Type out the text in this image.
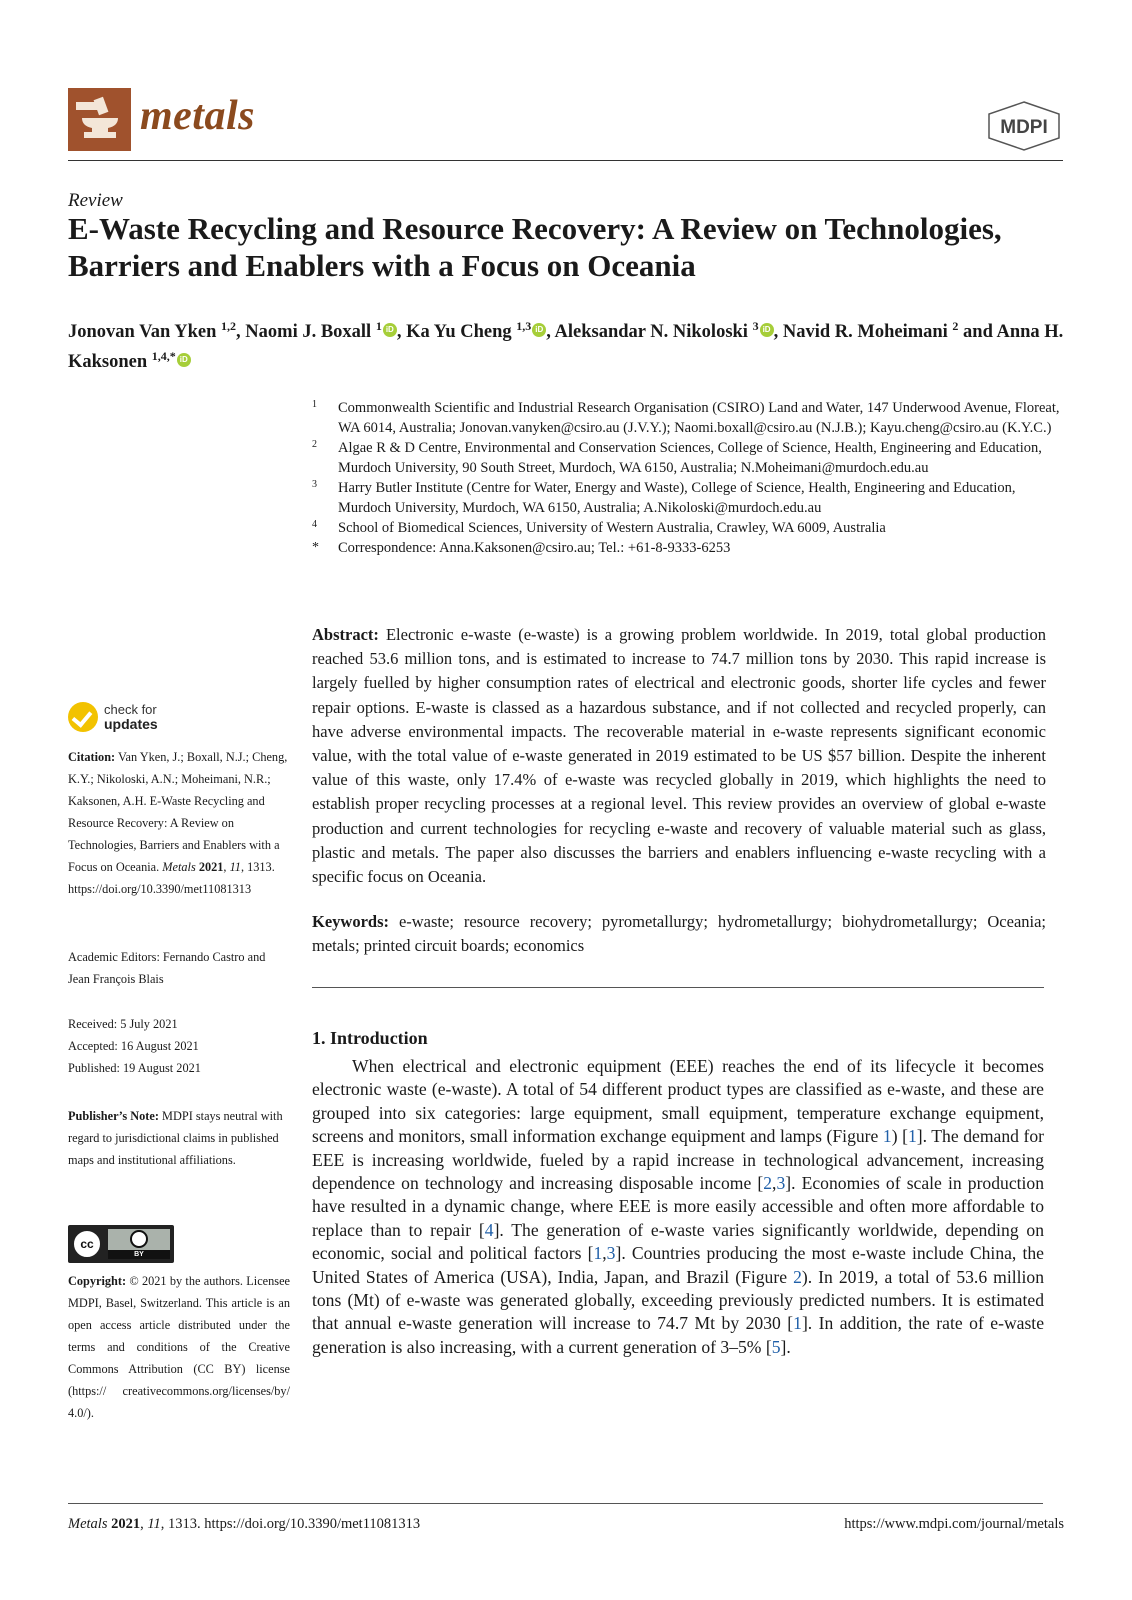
metals	MDPI
Review
E-Waste Recycling and Resource Recovery: A Review on Technologies, Barriers and Enablers with a Focus on Oceania
Jonovan Van Yken $^{1,2}$, Naomi J. Boxall $^1$ iD , Ka Yu Cheng $^{1,3}$ iD , Aleksandar N. Nikoloski $^3$ iD , Navid R. Moheimani $^2$ and Anna H. Kaksonen $^{1,4,*}$ iD

1 Commonwealth Scientific and Industrial Research Organisation (CSIRO) Land and Water, 147 Underwood Avenue, Floreat, WA 6014, Australia; Jonovan.vanyken@csiro.au (J.V.Y.); Naomi.boxall@csiro.au (N.J.B.); Kayu.cheng@csiro.au (K.Y.C.)

2 Algae R & D Centre, Environmental and Conservation Sciences, College of Science, Health, Engineering and Education, Murdoch University, 90 South Street, Murdoch, WA 6150, Australia; N.Moheimani@murdoch.edu.au

3 Harry Butler Institute (Centre for Water, Energy and Waste), College of Science, Health, Engineering and Education, Murdoch University, Murdoch, WA 6150, Australia; A.Nikoloski@murdoch.edu.au

4 School of Biomedical Sciences, University of Western Australia, Crawley, WA 6009, Australia

* Correspondence: Anna.Kaksonen@csiro.au; Tel.: +61-8-9333-6253

Abstract: Electronic e-waste (e-waste) is a growing problem worldwide. In 2019, total global production reached 53.6 million tons, and is estimated to increase to 74.7 million tons by 2030. This rapid increase is largely fuelled by higher consumption rates of electrical and electronic goods, shorter life cycles and fewer repair options. E-waste is classed as a hazardous substance, and if not collected and recycled properly, can have adverse environmental impacts. The recoverable material in e-waste represents significant economic value, with the total value of e-waste generated in 2019 estimated to be US $57 billion. Despite the inherent value of this waste, only 17.4% of e-waste was recycled globally in 2019, which highlights the need to establish proper recycling processes at a regional level. This review provides an overview of global e-waste production and current technologies for recycling e-waste and recovery of valuable material such as glass, plastic and metals. The paper also discusses the barriers and enablers influencing e-waste recycling with a specific focus on Oceania.

Keywords: e-waste; resource recovery; pyrometallurgy; hydrometallurgy; biohydrometallurgy; Oceania; metals; printed circuit boards; economics

1. Introduction

When electrical and electronic equipment (EEE) reaches the end of its lifecycle it becomes electronic waste (e-waste). A total of 54 different product types are classified as e-waste, and these are grouped into six categories: large equipment, small equipment, temperature exchange equipment, screens and monitors, small information exchange equipment and lamps (Figure 1) [1]. The demand for EEE is increasing worldwide, fueled by a rapid increase in technological advancement, increasing dependence on technology and increasing disposable income [2,3]. Economies of scale in production have resulted in a dynamic change, where EEE is more easily accessible and often more affordable to replace than to repair [4]. The generation of e-waste varies significantly worldwide, depending on economic, social and political factors [1,3]. Countries producing the most e-waste include China, the United States of America (USA), India, Japan, and Brazil (Figure 2). In 2019, a total of 53.6 million tons (Mt) of e-waste was generated globally, exceeding previously predicted numbers. It is estimated that annual e-waste generation will increase to 74.7 Mt by 2030 [1]. In addition, the rate of e-waste generation is also increasing, with a current generation of 3–5% [5].

check for
updates

Citation: Van Yken, J.; Boxall, N.J.; Cheng, K.Y.; Nikoloski, A.N.; Moheimani, N.R.; Kaksonen, A.H. E-Waste Recycling and Resource Recovery: A Review on Technologies, Barriers and Enablers with a Focus on Oceania. Metals 2021, 11, 1313. https://doi.org/10.3390/met11081313

Academic Editors: Fernando Castro and Jean François Blais

Received: 5 July 2021

Accepted: 16 August 2021

Published: 19 August 2021

Publisher’s Note: MDPI stays neutral with regard to jurisdictional claims in published maps and institutional affiliations.

cc
BY

Copyright: © 2021 by the authors. Licensee MDPI, Basel, Switzerland. This article is an open access article distributed under the terms and conditions of the Creative Commons Attribution (CC BY) license (https:// creativecommons.org/licenses/by/ 4.0/).

Metals 2021, 11, 1313. https://doi.org/10.3390/met11081313	https://www.mdpi.com/journal/metals
